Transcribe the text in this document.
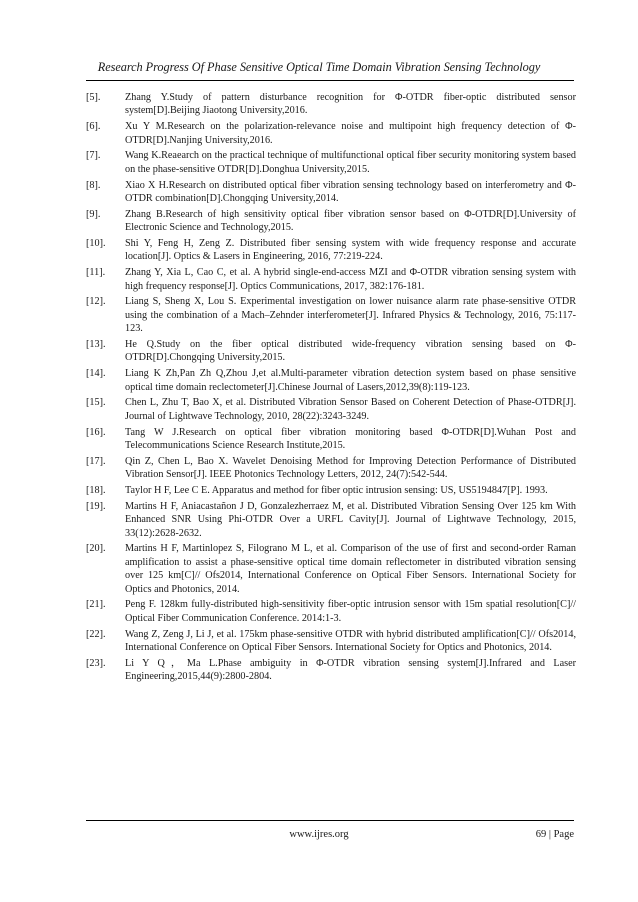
Research Progress Of Phase Sensitive Optical Time Domain Vibration Sensing Technology
[5]. Zhang Y.Study of pattern disturbance recognition for Φ-OTDR fiber-optic distributed sensor system[D].Beijing Jiaotong University,2016.
[6]. Xu Y M.Research on the polarization-relevance noise and multipoint high frequency detection of Φ-OTDR[D].Nanjing University,2016.
[7]. Wang K.Reaearch on the practical technique of multifunctional optical fiber security monitoring system based on the phase-sensitive OTDR[D].Donghua University,2015.
[8]. Xiao X H.Research on distributed optical fiber vibration sensing technology based on interferometry and Φ-OTDR combination[D].Chongqing University,2014.
[9]. Zhang B.Research of high sensitivity optical fiber vibration sensor based on Φ-OTDR[D].University of Electronic Science and Technology,2015.
[10]. Shi Y, Feng H, Zeng Z. Distributed fiber sensing system with wide frequency response and accurate location[J]. Optics & Lasers in Engineering, 2016, 77:219-224.
[11]. Zhang Y, Xia L, Cao C, et al. A hybrid single-end-access MZI and Φ-OTDR vibration sensing system with high frequency response[J]. Optics Communications, 2017, 382:176-181.
[12]. Liang S, Sheng X, Lou S. Experimental investigation on lower nuisance alarm rate phase-sensitive OTDR using the combination of a Mach–Zehnder interferometer[J]. Infrared Physics & Technology, 2016, 75:117-123.
[13]. He Q.Study on the fiber optical distributed wide-frequency vibration sensing based on Φ-OTDR[D].Chongqing University,2015.
[14]. Liang K Zh,Pan Zh Q,Zhou J,et al.Multi-parameter vibration detection system based on phase sensitive optical time domain reclectometer[J].Chinese Journal of Lasers,2012,39(8):119-123.
[15]. Chen L, Zhu T, Bao X, et al. Distributed Vibration Sensor Based on Coherent Detection of Phase-OTDR[J]. Journal of Lightwave Technology, 2010, 28(22):3243-3249.
[16]. Tang W J.Research on optical fiber vibration monitoring based Φ-OTDR[D].Wuhan Post and Telecommunications Science Research Institute,2015.
[17]. Qin Z, Chen L, Bao X. Wavelet Denoising Method for Improving Detection Performance of Distributed Vibration Sensor[J]. IEEE Photonics Technology Letters, 2012, 24(7):542-544.
[18]. Taylor H F, Lee C E. Apparatus and method for fiber optic intrusion sensing: US, US5194847[P]. 1993.
[19]. Martins H F, Aniacastañon J D, Gonzalezherraez M, et al. Distributed Vibration Sensing Over 125 km With Enhanced SNR Using Phi-OTDR Over a URFL Cavity[J]. Journal of Lightwave Technology, 2015, 33(12):2628-2632.
[20]. Martins H F, Martinlopez S, Filograno M L, et al. Comparison of the use of first and second-order Raman amplification to assist a phase-sensitive optical time domain reflectometer in distributed vibration sensing over 125 km[C]// Ofs2014, International Conference on Optical Fiber Sensors. International Society for Optics and Photonics, 2014.
[21]. Peng F. 128km fully-distributed high-sensitivity fiber-optic intrusion sensor with 15m spatial resolution[C]// Optical Fiber Communication Conference. 2014:1-3.
[22]. Wang Z, Zeng J, Li J, et al. 175km phase-sensitive OTDR with hybrid distributed amplification[C]// Ofs2014, International Conference on Optical Fiber Sensors. International Society for Optics and Photonics, 2014.
[23]. Li Y Q，Ma L.Phase ambiguity in Φ-OTDR vibration sensing system[J].Infrared and Laser Engineering,2015,44(9):2800-2804.
www.ijres.org	69 | Page
